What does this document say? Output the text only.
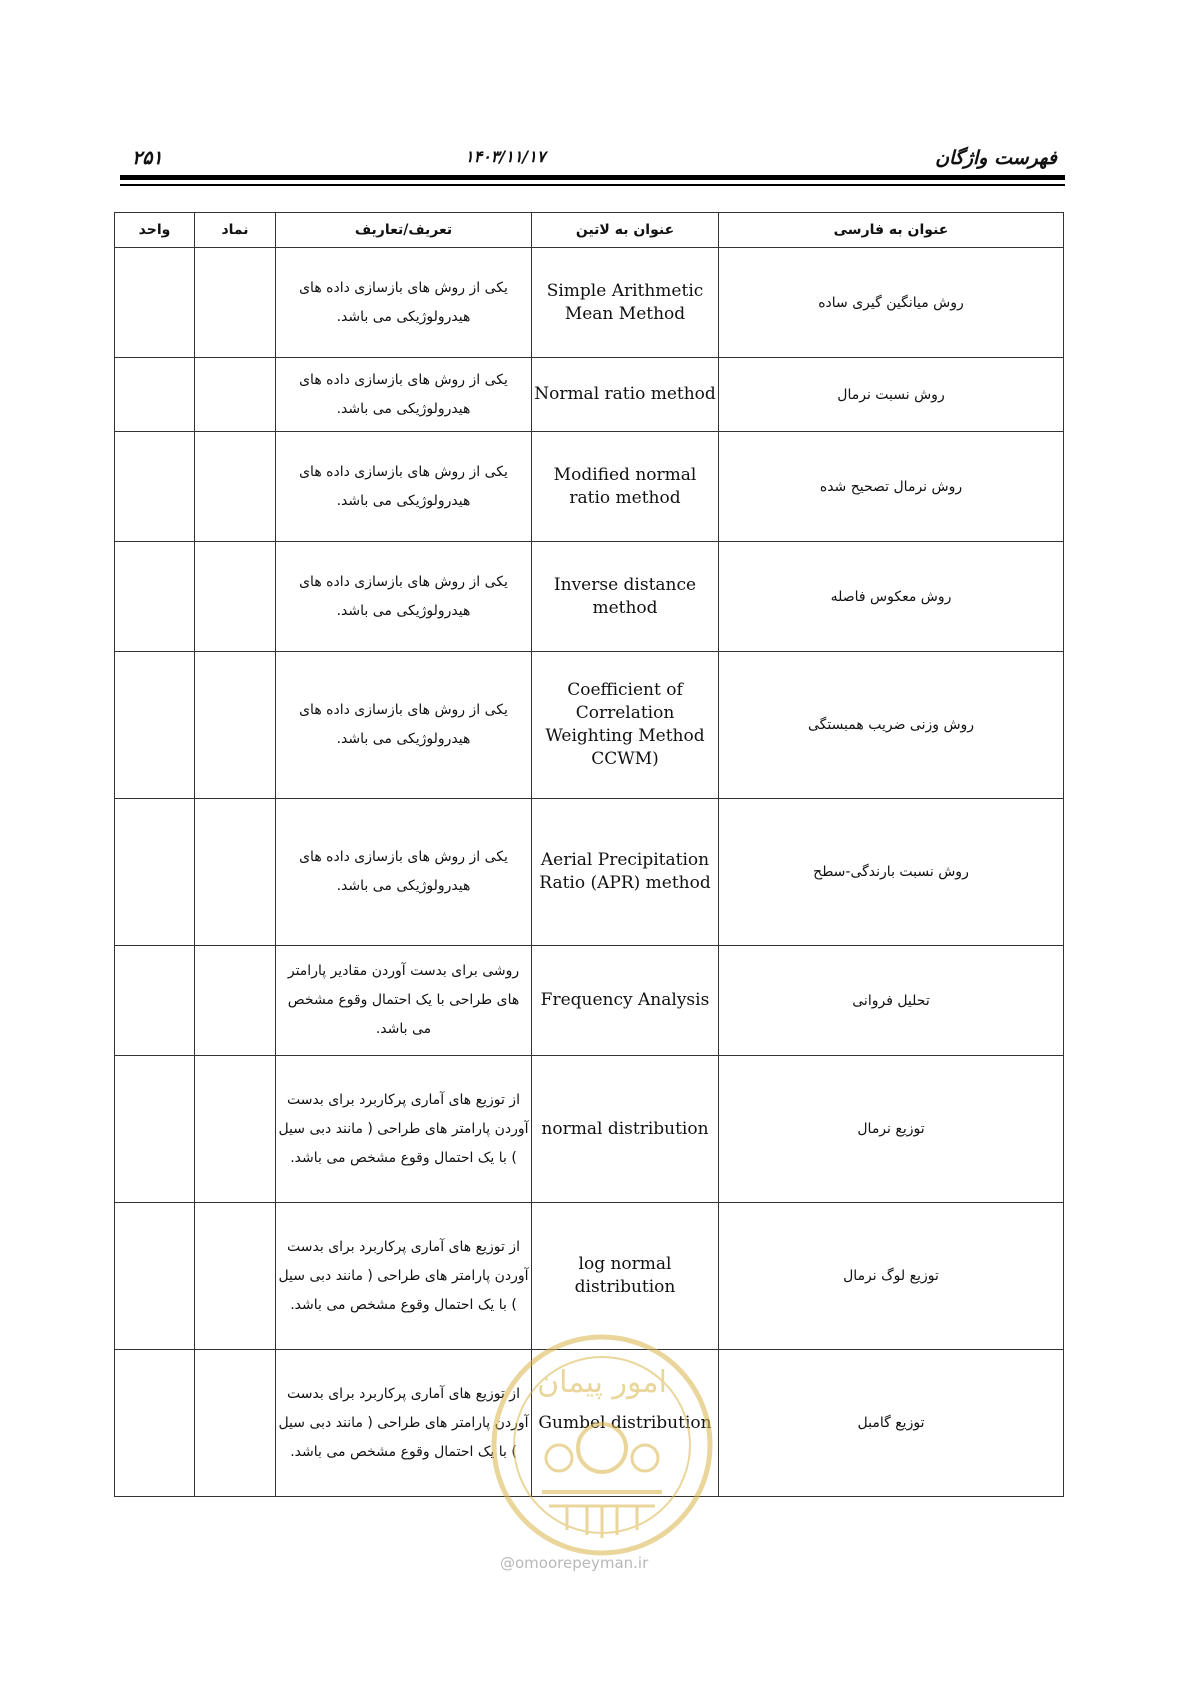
فهرست واژگان
۱۴۰۳/۱۱/۱۷
۲۵۱
عنوان به فارسی	عنوان به لاتین	تعریف/تعاریف	نماد	واحد
روش میانگین گیری ساده	Simple Arithmetic Mean Method	یکی از روش های بازسازی داده های هیدرولوژیکی می باشد.		
روش نسبت نرمال	Normal ratio method	یکی از روش های بازسازی داده های هیدرولوژیکی می باشد.		
روش نرمال تصحیح شده	Modified normal ratio method	یکی از روش های بازسازی داده های هیدرولوژیکی می باشد.		
روش معکوس فاصله	Inverse distance method	یکی از روش های بازسازی داده های هیدرولوژیکی می باشد.		
روش وزنی ضریب همبستگی	Coefficient of Correlation Weighting Method CCWM)	یکی از روش های بازسازی داده های هیدرولوژیکی می باشد.		
روش نسبت بارندگی-سطح	Aerial Precipitation Ratio (APR) method	یکی از روش های بازسازی داده های هیدرولوژیکی می باشد.		
تحلیل فروانی	Frequency Analysis	روشی برای بدست آوردن مقادیر پارامتر های طراحی با یک احتمال وقوع مشخص می باشد.		
توزیع نرمال	normal distribution	از توزیع های آماری پرکاربرد برای بدست آوردن پارامتر های طراحی ( مانند دبی سیل ) با یک احتمال وقوع مشخص می باشد.		
توزیع لوگ نرمال	log normal distribution	از توزیع های آماری پرکاربرد برای بدست آوردن پارامتر های طراحی ( مانند دبی سیل ) با یک احتمال وقوع مشخص می باشد.		
توزیع گامبل	Gumbel distribution	از توزیع های آماری پرکاربرد برای بدست آوردن پارامتر های طراحی ( مانند دبی سیل ) با یک احتمال وقوع مشخص می باشد.		
امور پیمان
@omoorepeyman.ir
